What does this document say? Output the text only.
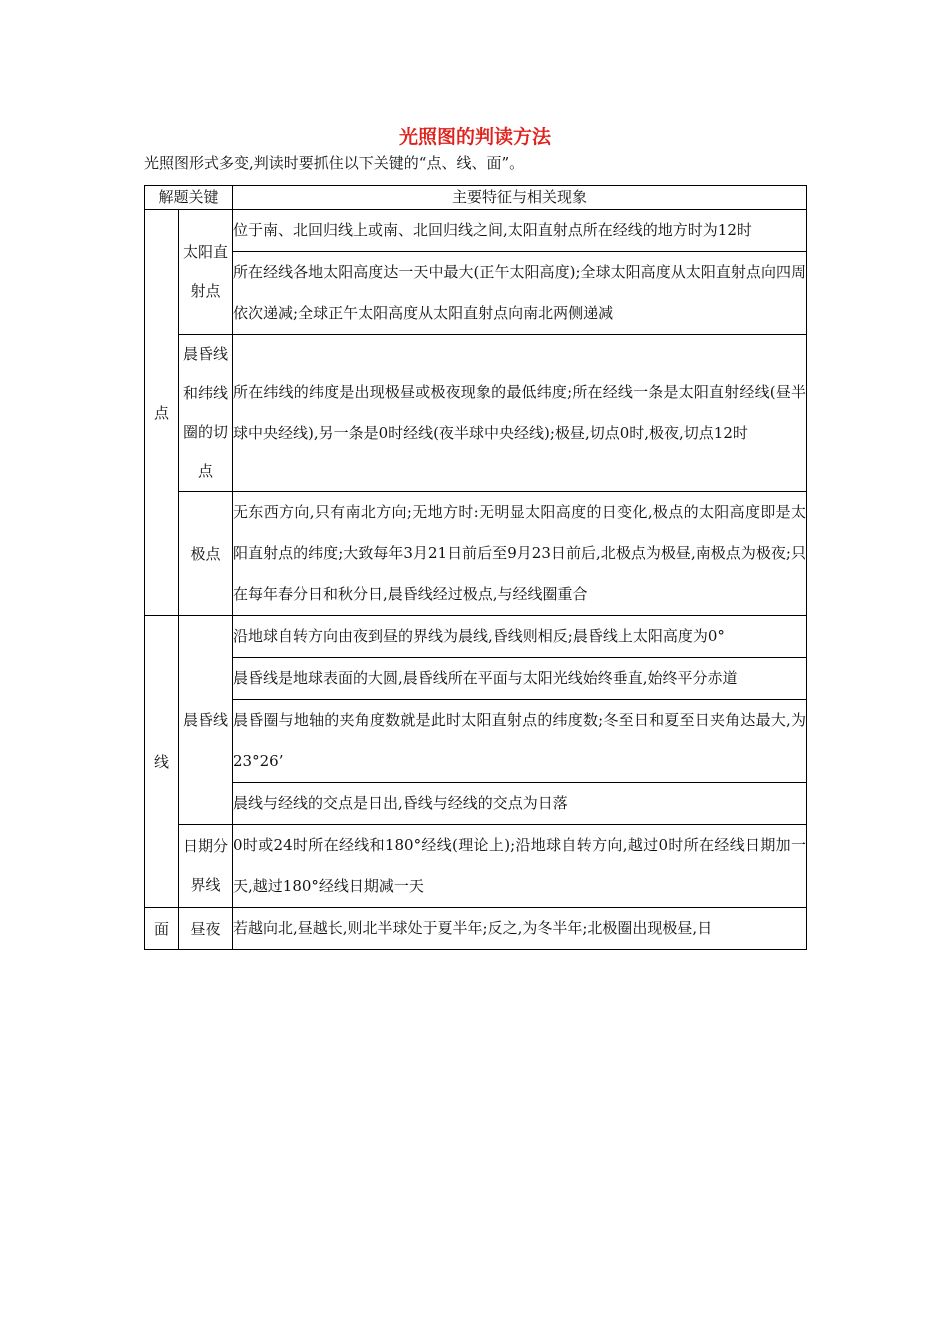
光照图的判读方法
光照图形式多变,判读时要抓住以下关键的“点、线、面”。
解题关键		主要特征与相关现象
点	太阳直射点	位于南、北回归线上或南、北回归线之间,太阳直射点所在经线的地方时为12时
		所在经线各地太阳高度达一天中最大(正午太阳高度);全球太阳高度从太阳直射点向四周依次递减;全球正午太阳高度从太阳直射点向南北两侧递减
	晨昏线和纬线圈的切点	所在纬线的纬度是出现极昼或极夜现象的最低纬度;所在经线一条是太阳直射经线(昼半球中央经线),另一条是0时经线(夜半球中央经线);极昼,切点0时,极夜,切点12时
	极点	无东西方向,只有南北方向;无地方时:无明显太阳高度的日变化,极点的太阳高度即是太阳直射点的纬度;大致每年3月21日前后至9月23日前后,北极点为极昼,南极点为极夜;只在每年春分日和秋分日,晨昏线经过极点,与经线圈重合
线	晨昏线	沿地球自转方向由夜到昼的界线为晨线,昏线则相反;晨昏线上太阳高度为0°
		晨昏线是地球表面的大圆,晨昏线所在平面与太阳光线始终垂直,始终平分赤道
		晨昏圈与地轴的夹角度数就是此时太阳直射点的纬度数;冬至日和夏至日夹角达最大,为23°26’
		晨线与经线的交点是日出,昏线与经线的交点为日落
	日期分界线	0时或24时所在经线和180°经线(理论上);沿地球自转方向,越过0时所在经线日期加一天,越过180°经线日期减一天
面	昼夜	若越向北,昼越长,则北半球处于夏半年;反之,为冬半年;北极圈出现极昼,日
